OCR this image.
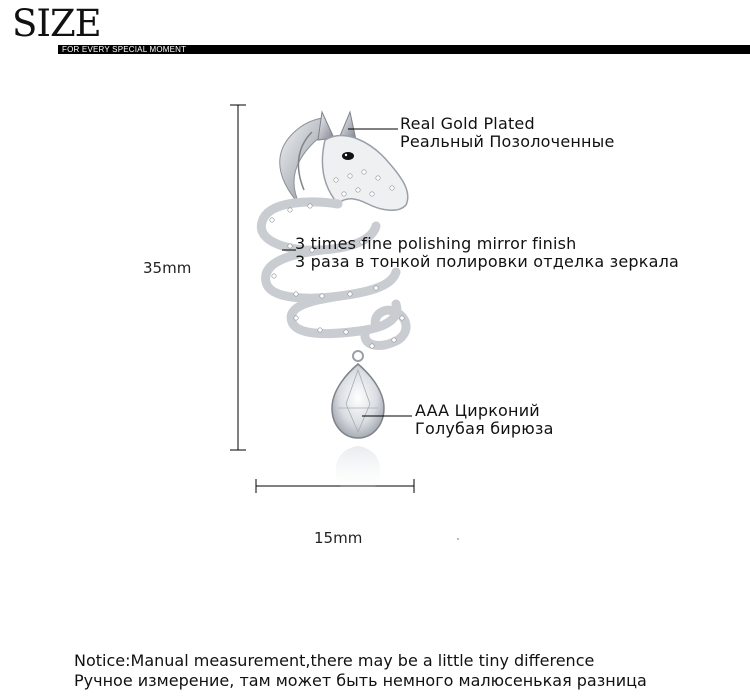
SIZE
FOR EVERY SPECIAL MOMENT
35mm
15mm
Real Gold Plated
Реальный Позолоченные
3 times fine polishing mirror finish
3 раза в тонкой полировки отделка зеркала
AAA Цирконий
Голубая бирюза
Notice:Manual measurement,there may be a little tiny difference
Ручное измерение, там может быть немного малюсенькая разница
